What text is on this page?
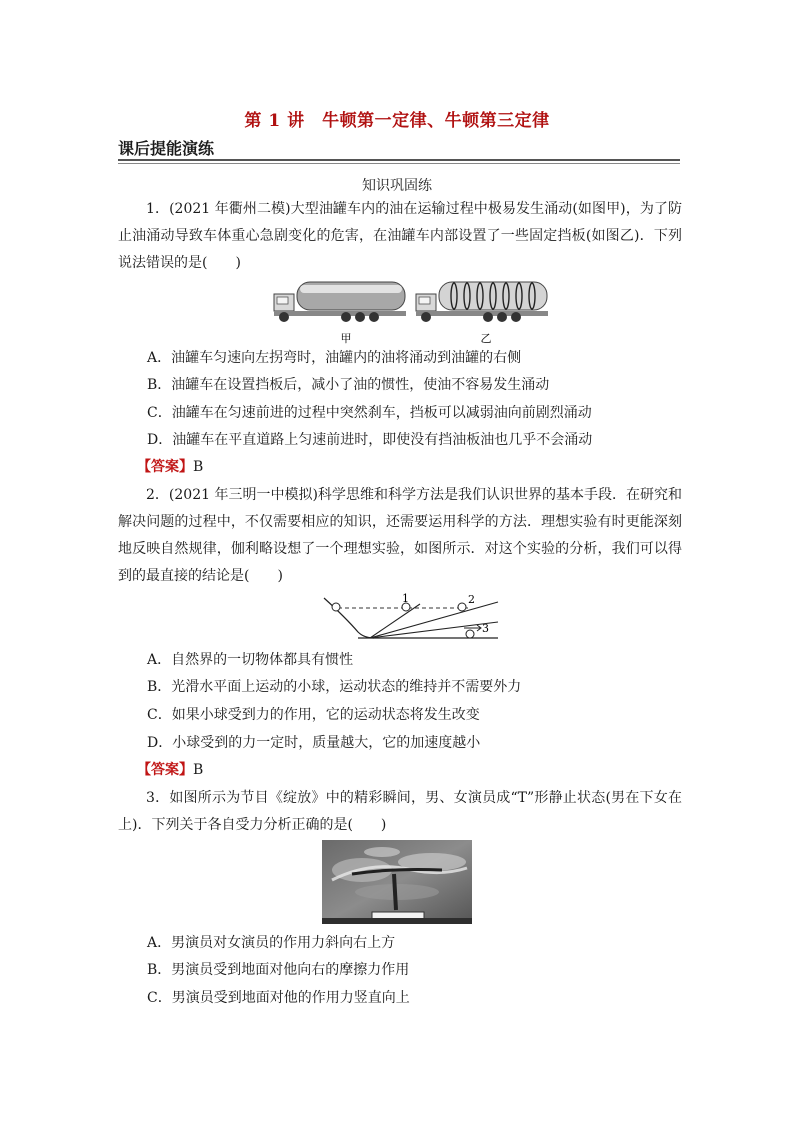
第 1 讲　牛顿第一定律、牛顿第三定律
课后提能演练
知识巩固练
1．(2021 年衢州二模)大型油罐车内的油在运输过程中极易发生涌动(如图甲)，为了防止油涌动导致车体重心急剧变化的危害，在油罐车内部设置了一些固定挡板(如图乙)．下列说法错误的是(　　)
甲	乙
A．油罐车匀速向左拐弯时，油罐内的油将涌动到油罐的右侧
B．油罐车在设置挡板后，减小了油的惯性，使油不容易发生涌动
C．油罐车在匀速前进的过程中突然刹车，挡板可以减弱油向前剧烈涌动
D．油罐车在平直道路上匀速前进时，即使没有挡油板油也几乎不会涌动
【答案】B
2．(2021 年三明一中模拟)科学思维和科学方法是我们认识世界的基本手段．在研究和解决问题的过程中，不仅需要相应的知识，还需要运用科学的方法．理想实验有时更能深刻地反映自然规律，伽利略设想了一个理想实验，如图所示．对这个实验的分析，我们可以得到的最直接的结论是(　　)
1	2
3
A．自然界的一切物体都具有惯性
B．光滑水平面上运动的小球，运动状态的维持并不需要外力
C．如果小球受到力的作用，它的运动状态将发生改变
D．小球受到的力一定时，质量越大，它的加速度越小
【答案】B
3．如图所示为节目《绽放》中的精彩瞬间，男、女演员成“T”形静止状态(男在下女在上)．下列关于各自受力分析正确的是(　　)
A．男演员对女演员的作用力斜向右上方
B．男演员受到地面对他向右的摩擦力作用
C．男演员受到地面对他的作用力竖直向上
